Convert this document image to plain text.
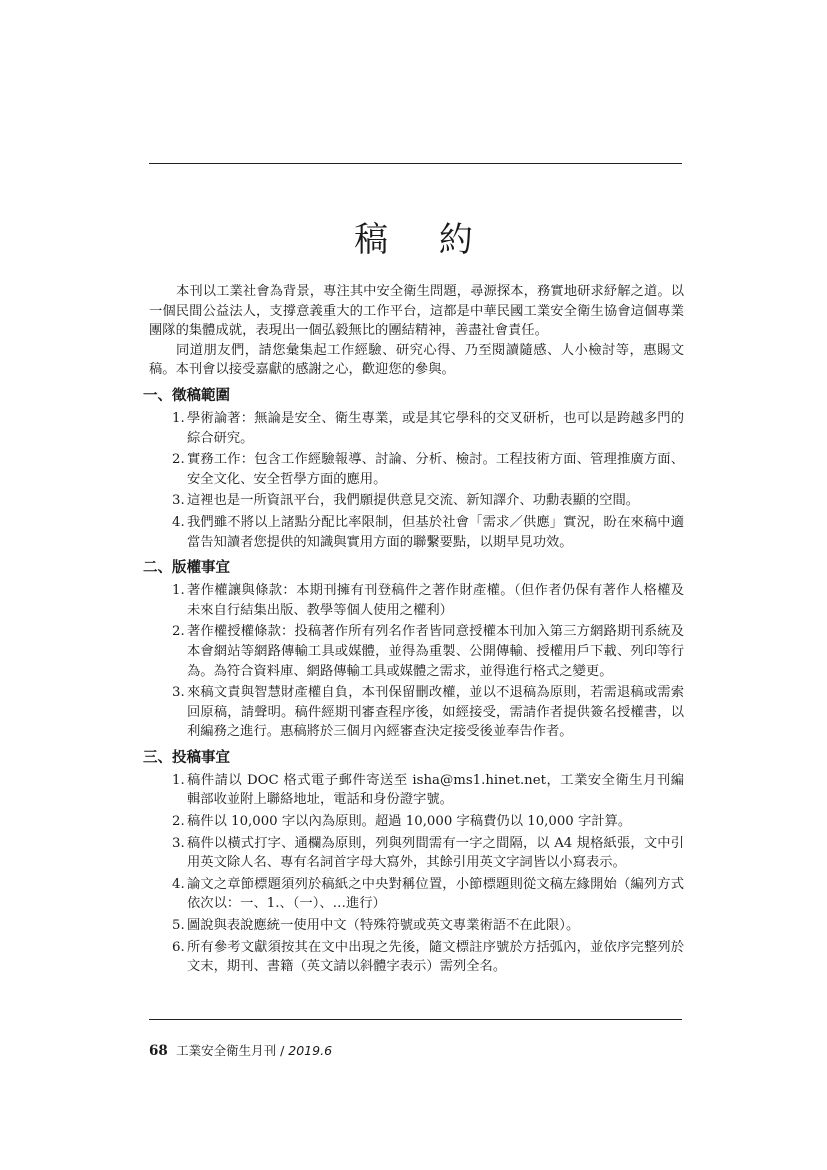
稿 約

本刊以工業社會為背景，專注其中安全衛生問題，尋源探本，務實地研求紓解之道。以一個民間公益法人，支撐意義重大的工作平台，這都是中華民國工業安全衛生協會這個專業團隊的集體成就，表現出一個弘毅無比的團結精神，善盡社會責任。

同道朋友們，請您彙集起工作經驗、研究心得、乃至閱讀隨感、人小檢討等，惠賜文稿。本刊會以接受嘉獻的感謝之心，歡迎您的參與。

一、徵稿範圍
1. 學術論著：無論是安全、衛生專業，或是其它學科的交叉研析，也可以是跨越多門的綜合研究。
2. 實務工作：包含工作經驗報導、討論、分析、檢討。工程技術方面、管理推廣方面、安全文化、安全哲學方面的應用。
3. 這裡也是一所資訊平台，我們願提供意見交流、新知譯介、功勳表顯的空間。
4. 我們雖不將以上諸點分配比率限制，但基於社會「需求／供應」實況，盼在來稿中適當告知讀者您提供的知識與實用方面的聯繫要點，以期早見功效。
二、版權事宜
1. 著作權讓與條款：本期刊擁有刊登稿件之著作財產權。（但作者仍保有著作人格權及未來自行結集出版、教學等個人使用之權利）
2. 著作權授權條款：投稿著作所有列名作者皆同意授權本刊加入第三方網路期刊系統及本會網站等網路傳輸工具或媒體，並得為重製、公開傳輸、授權用戶下載、列印等行為。為符合資料庫、網路傳輸工具或媒體之需求，並得進行格式之變更。
3. 來稿文責與智慧財產權自負，本刊保留刪改權，並以不退稿為原則，若需退稿或需索回原稿，請聲明。稿件經期刊審查程序後，如經接受，需請作者提供簽名授權書，以利編務之進行。惠稿將於三個月內經審查決定接受後並奉告作者。
三、投稿事宜
1. 稿件請以 DOC 格式電子郵件寄送至 isha@ms1.hinet.net，工業安全衛生月刊編輯部收並附上聯絡地址，電話和身份證字號。
2. 稿件以 10,000 字以內為原則。超過 10,000 字稿費仍以 10,000 字計算。
3. 稿件以橫式打字、通欄為原則，列與列間需有一字之間隔，以 A4 規格紙張，文中引用英文除人名、專有名詞首字母大寫外，其餘引用英文字詞皆以小寫表示。
4. 論文之章節標題須列於稿紙之中央對稱位置，小節標題則從文稿左緣開始（編列方式依次以：一、1.、（一）、…進行）
5. 圖說與表說應統一使用中文（特殊符號或英文專業術語不在此限）。
6. 所有參考文獻須按其在文中出現之先後，隨文標註序號於方括弧內，並依序完整列於文末，期刊、書籍（英文請以斜體字表示）需列全名。
68 工業安全衛生月刊 / 2019.6
